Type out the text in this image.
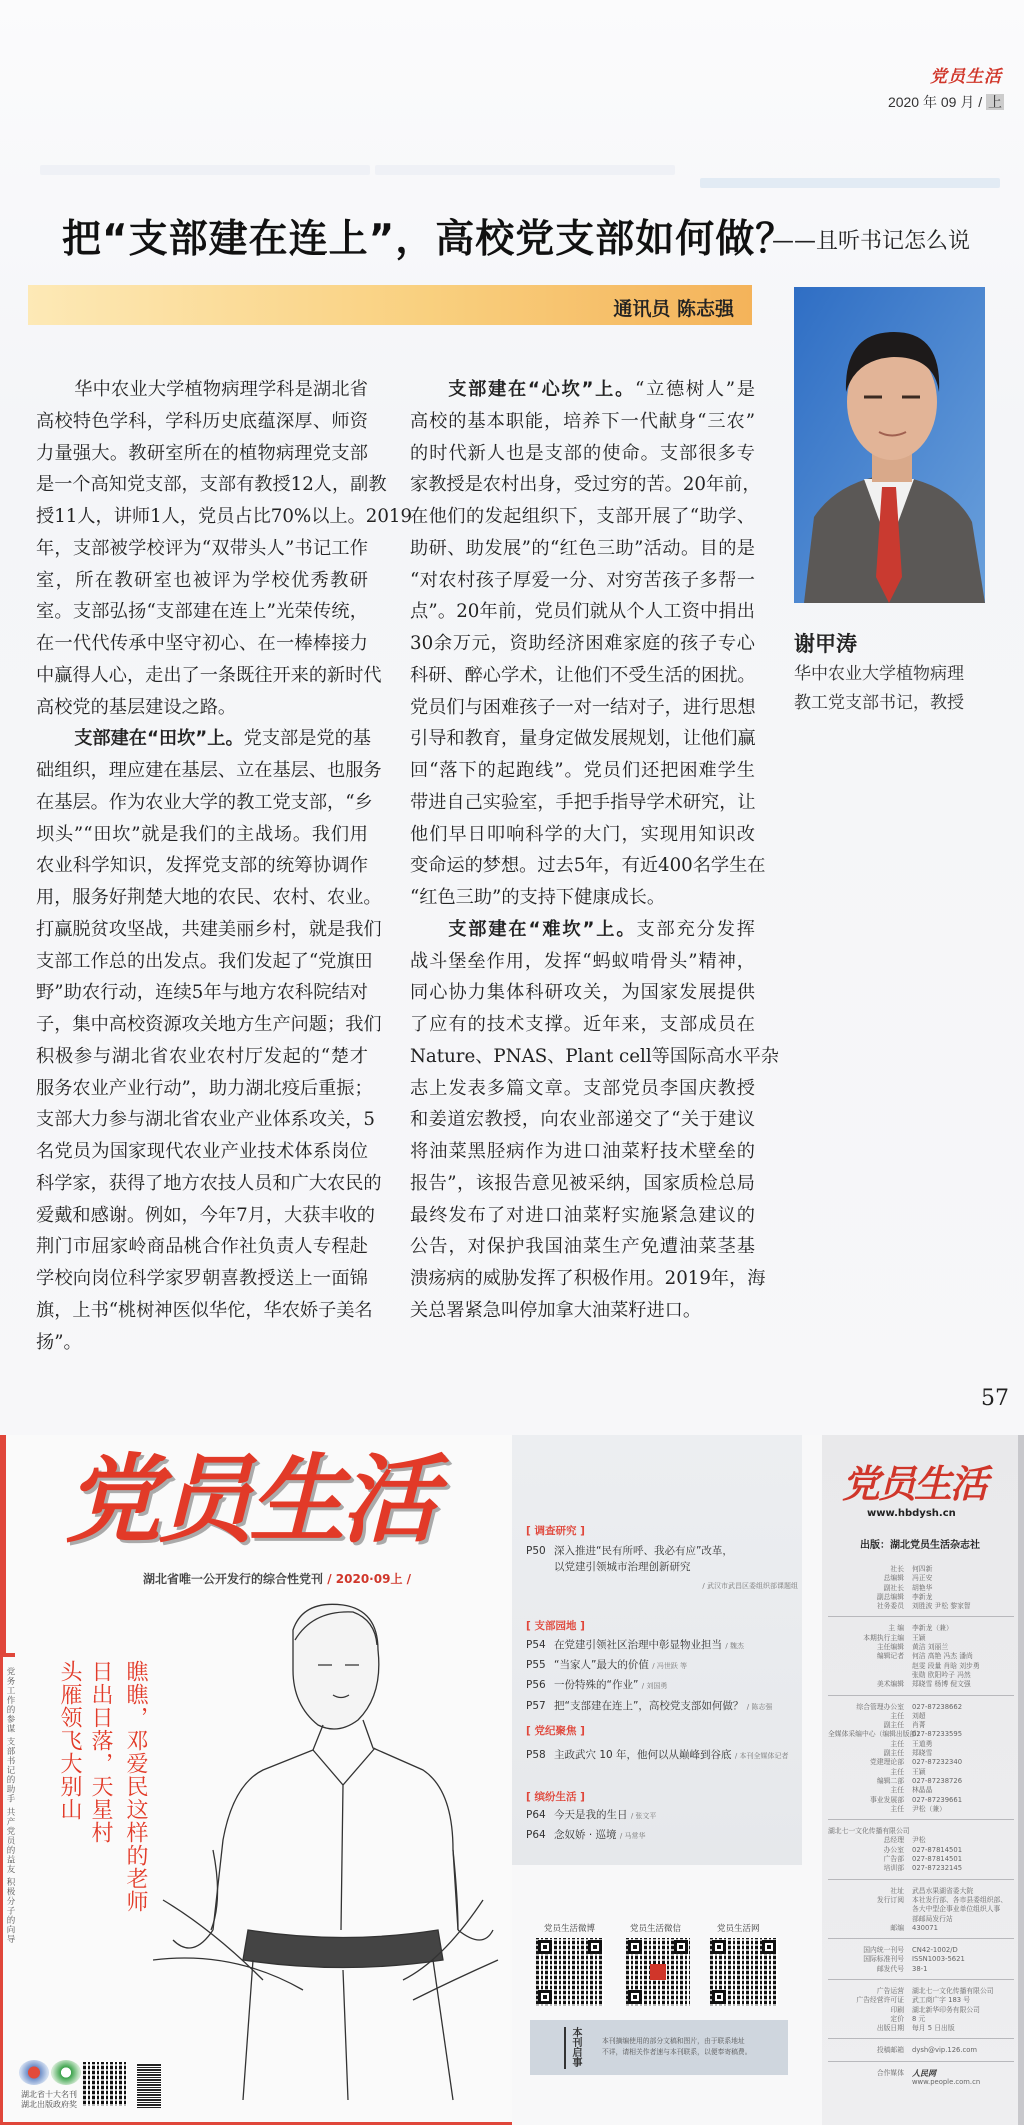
党员生活
2020 年 09 月 / 上
把“支部建在连上”，高校党支部如何做？
——且听书记怎么说
通讯员 陈志强
谢甲涛
华中农业大学植物病理
教工党支部书记，教授
华中农业大学植物病理学科是湖北省
高校特色学科，学科历史底蕴深厚、师资
力量强大。教研室所在的植物病理党支部
是一个高知党支部，支部有教授12人，副教
授11人，讲师1人，党员占比70%以上。2019
年，支部被学校评为“双带头人”书记工作
室，所在教研室也被评为学校优秀教研
室。支部弘扬“支部建在连上”光荣传统，
在一代代传承中坚守初心、在一棒棒接力
中赢得人心，走出了一条既往开来的新时代
高校党的基层建设之路。
支部建在“田坎”上。党支部是党的基
础组织，理应建在基层、立在基层、也服务
在基层。作为农业大学的教工党支部，“乡
坝头”“田坎”就是我们的主战场。我们用
农业科学知识，发挥党支部的统筹协调作
用，服务好荆楚大地的农民、农村、农业。
打赢脱贫攻坚战，共建美丽乡村，就是我们
支部工作总的出发点。我们发起了“党旗田
野”助农行动，连续5年与地方农科院结对
子，集中高校资源攻关地方生产问题；我们
积极参与湖北省农业农村厅发起的“楚才
服务农业产业行动”，助力湖北疫后重振；
支部大力参与湖北省农业产业体系攻关，5
名党员为国家现代农业产业技术体系岗位
科学家，获得了地方农技人员和广大农民的
爱戴和感谢。例如，今年7月，大获丰收的
荆门市屈家岭商品桃合作社负责人专程赴
学校向岗位科学家罗朝喜教授送上一面锦
旗，上书“桃树神医似华佗，华农娇子美名
扬”。
支部建在“心坎”上。“立德树人”是
高校的基本职能，培养下一代献身“三农”
的时代新人也是支部的使命。支部很多专
家教授是农村出身，受过穷的苦。20年前，
在他们的发起组织下，支部开展了“助学、
助研、助发展”的“红色三助”活动。目的是
“对农村孩子厚爱一分、对穷苦孩子多帮一
点”。20年前，党员们就从个人工资中捐出
30余万元，资助经济困难家庭的孩子专心
科研、醉心学术，让他们不受生活的困扰。
党员们与困难孩子一对一结对子，进行思想
引导和教育，量身定做发展规划，让他们赢
回“落下的起跑线”。党员们还把困难学生
带进自己实验室，手把手指导学术研究，让
他们早日叩响科学的大门，实现用知识改
变命运的梦想。过去5年，有近400名学生在
“红色三助”的支持下健康成长。
支部建在“难坎”上。支部充分发挥
战斗堡垒作用，发挥“蚂蚁啃骨头”精神，
同心协力集体科研攻关，为国家发展提供
了应有的技术支撑。近年来，支部成员在
Nature、PNAS、Plant cell等国际高水平杂
志上发表多篇文章。支部党员李国庆教授
和姜道宏教授，向农业部递交了“关于建议
将油菜黑胫病作为进口油菜籽技术壁垒的
报告”，该报告意见被采纳，国家质检总局
最终发布了对进口油菜籽实施紧急建议的
公告，对保护我国油菜生产免遭油菜茎基
溃疡病的威胁发挥了积极作用。2019年，海
关总署紧急叫停加拿大油菜籽进口。
57
党务工作的参谋 支部书记的助手 共产党员的益友 积极分子的向导
党员生活
湖北省唯一公开发行的综合性党刊 / 2020·09上 /
瞧瞧，邓爱民这样的老师
日出日落，天星村
头雁领飞大别山
湖北省十大名刊
湖北出版政府奖
[ 调查研究 ]
P50 深入推进“民有所呼、我必有应”改革，
以党建引领城市治理创新研究
/ 武汉市武昌区委组织部课题组
[ 支部园地 ]
P54 在党建引领社区治理中彰显物业担当 / 魏杰
P55 “当家人”最大的价值 / 冯世跃 等
P56 一份特殊的“作业” / 刘国勇
P57 把“支部建在连上”，高校党支部如何做？ / 陈志强
[ 党纪聚焦 ]
P58 主政武穴 10 年，他何以从巅峰到谷底 / 本刊全媒体记者
[ 缤纷生活 ]
P64 今天是我的生日 / 张文平
P64 念奴娇 · 巡境 / 马常华
党员生活微博	党员生活微信	党员生活网
本刊启事	本刊摘编使用的部分文稿和图片，由于联系地址
不详，请相关作者速与本刊联系，以便奉寄稿费。
党员生活
www.hbdysh.cn
出版：湖北党员生活杂志社
社长	何四新
总编辑	冯正安
副社长	胡艳华
副总编辑	李新龙
社务委员	刘胜波 尹松 黎家智
主 编	李新龙（兼）
本期执行主编	王颖
主任编辑	黄洁 刘丽兰
编辑记者	何洁 高艳 冯杰 潘尚
赵雯 段量 肖晗 刘步勇
张勋 欧阳吟子 冯然
美术编辑	郑晓雪 杨博 倪文强
综合管理办公室	027-87238662
主任	刘超
副主任	肖菁
全媒体采编中心（编辑出版部）
027-87233595
主任	王道勇
副主任	郑晓雪
党建理论部	027-87232340
主任	王颖
编辑二部	027-87238726
主任	林晶晶
事业发展部	027-87239661
主任	尹松（兼）
湖北七一文化传播有限公司
总经理	尹松
办公室	027-87814501
广告部	027-87814501
培训部	027-87232145
社址	武昌水果湖省委大院
发行订阅	本社发行部、各市县委组织部、
各大中型企事业单位组织人事
部邮局发行站
邮编	430071
国内统一刊号	CN42-1002/D
国际标准刊号	ISSN1003-5621
邮发代号	38-1
广告运营	湖北七一文化传播有限公司
广告经营许可证	武工商广字 183 号
印刷	湖北新华印务有限公司
定价	8 元
出版日期	每月 5 日出版
投稿邮箱	dysh@vip.126.com
合作媒体	人民网
www.people.com.cn
